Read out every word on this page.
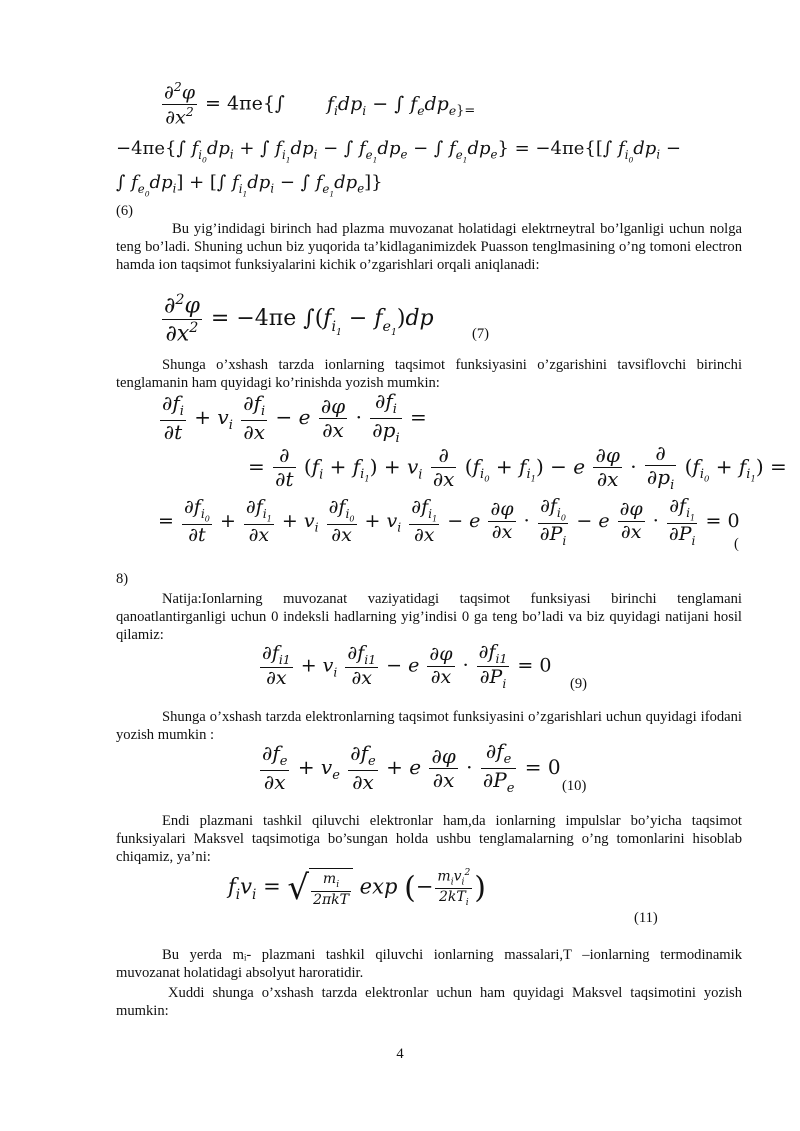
$\frac{\partial^2\varphi}{\partial x^2} = 4\pi e\{\int$ $f_idp_i$ − ∫ $f_edp_{e\}=}$
−4πe{∫ $f_{i_0}dp_i$ + ∫ $f_{i_1}dp_i$ − ∫ $f_{e_1}dp_e$ − ∫ $f_{e_1}dp_e\} = -4\pi e\{[\int$ $f_{i_0}dp_i$ −
∫ $f_{e_0}dp_i$] + [∫ $f_{i_1}dp_i$ − ∫ $f_{e_1}dp_e$]}
(6)
Bu yig’indidagi birinch had plazma muvozanat holatidagi elektrneytral bo’lganligi uchun nolga teng bo’ladi. Shuning uchun biz yuqorida ta’kidlaganimizdek Puasson tenglmasining o’ng tomoni electron hamda ion taqsimot funksiyalarini kichik o’zgarishlari orqali aniqlanadi:
$\frac{\partial^2\varphi}{\partial x^2} = -4\pi e$ $\int(f_{i_1} - f_{e_1})dp$
(7)
Shunga o’xshash tarzda ionlarning taqsimot funksiyasini o’zgarishini tavsiflovchi birinchi tenglamanin ham quyidagi ko’rinishda yozish mumkin:
$\frac{\partial f_i}{\partial t} + v_i \frac{\partial f_i}{\partial x} - e \frac{\partial\varphi}{\partial x} \cdot \frac{\partial f_i}{\partial p_i}$ =
= $\frac{\partial}{\partial t} (f_i + f_{i_1}) + v_i \frac{\partial}{\partial x} (f_{i_0} + f_{i_1}) - e \frac{\partial\varphi}{\partial x} \cdot \frac{\partial}{\partial p_i} (f_{i_0} + f_{i_1})$ =
= $\frac{\partial f_{i_0}}{\partial t} + \frac{\partial f_{i_1}}{\partial x} + v_i \frac{\partial f_{i_0}}{\partial x} + v_i \frac{\partial f_{i_1}}{\partial x} - e \frac{\partial\varphi}{\partial x} \cdot \frac{\partial f_{i_0}}{\partial P_i} - e \frac{\partial\varphi}{\partial x} \cdot \frac{\partial f_{i_1}}{\partial P_i} = 0$
(
8)
Natija:Ionlarning muvozanat vaziyatidagi taqsimot funksiyasi birinchi tenglamani qanoatlantirganligi uchun 0 indeksli hadlarning yig’indisi 0 ga teng bo’ladi va biz quyidagi natijani hosil qilamiz:
$\frac{\partial f_{i1}}{\partial x} + v_i \frac{\partial f_{i1}}{\partial x} - e \frac{\partial\varphi}{\partial x} \cdot \frac{\partial f_{i1}}{\partial P_i} = 0$
(9)
Shunga o’xshash tarzda elektronlarning taqsimot funksiyasini o’zgarishlari uchun quyidagi ifodani yozish mumkin :
$\frac{\partial f_e}{\partial x} + v_e \frac{\partial f_e}{\partial x} + e \frac{\partial\varphi}{\partial x} \cdot \frac{\partial f_e}{\partial P_e} = 0$
(10)
Endi plazmani tashkil qiluvchi elektronlar ham,da ionlarning impulslar bo’yicha taqsimot funksiyalari Maksvel taqsimotiga bo’sungan holda ushbu tenglamalarning o’ng tomonlarini hisoblab chiqamiz, ya’ni:
$f_iv_i$ = √ $\frac{m_i}{\text{2πkT}}$ exp (− $\frac{m_iv_i^2}{2kT_i}$ )
(11)
Bu yerda mᵢ- plazmani tashkil qiluvchi ionlarning massalari,T –ionlarning termodinamik muvozanat holatidagi absolyut haroratidir.
Xuddi shunga o’xshash tarzda elektronlar uchun ham quyidagi Maksvel taqsimotini yozish mumkin:
4
